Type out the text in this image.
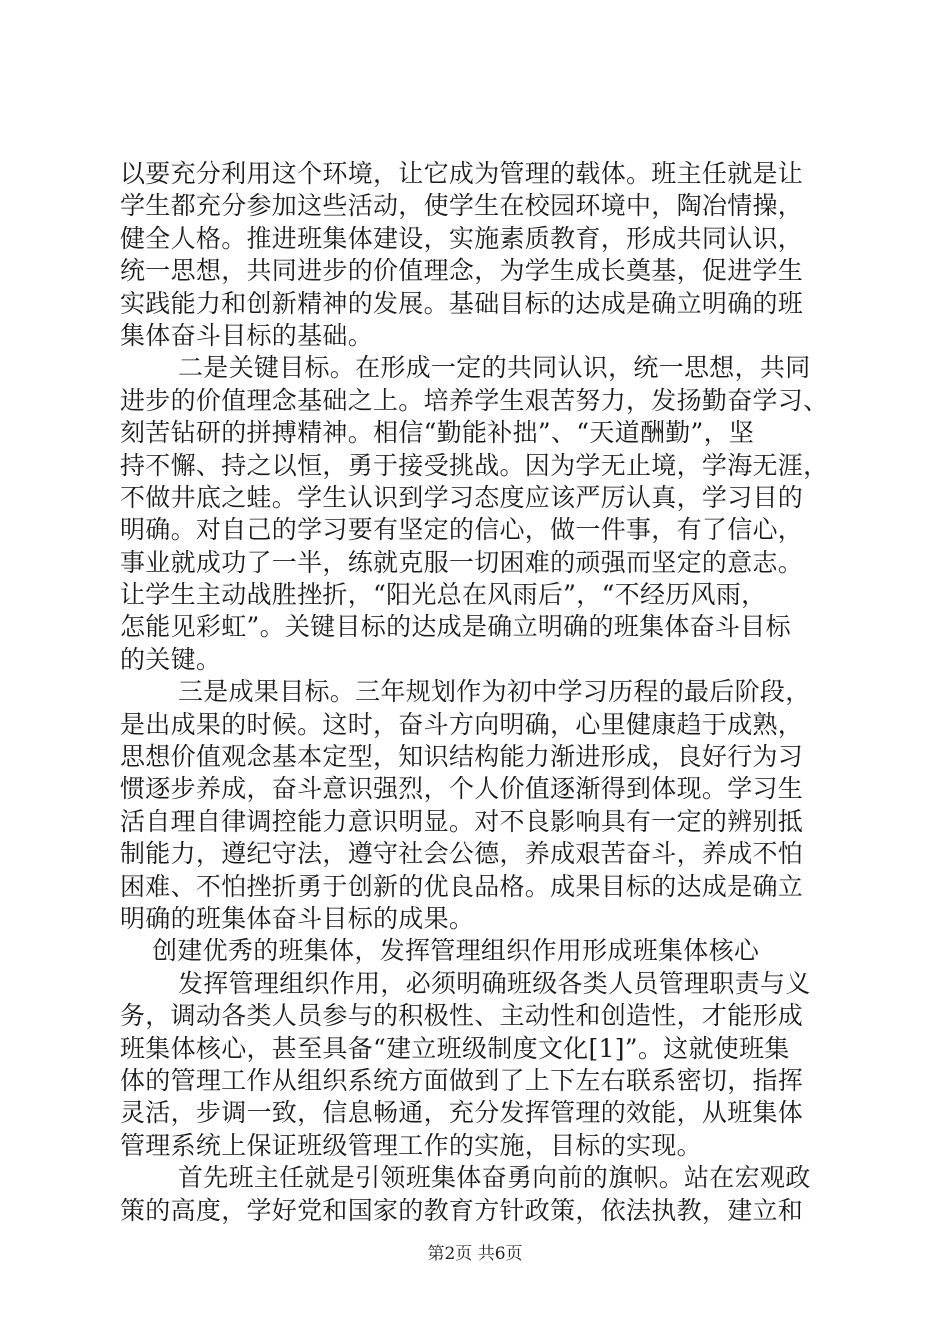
以要充分利用这个环境，让它成为管理的载体。班主任就是让
学生都充分参加这些活动，使学生在校园环境中，陶冶情操，
健全人格。推进班集体建设，实施素质教育，形成共同认识，
统一思想，共同进步的价值理念，为学生成长奠基，促进学生
实践能力和创新精神的发展。基础目标的达成是确立明确的班
集体奋斗目标的基础。
二是关键目标。在形成一定的共同认识，统一思想，共同
进步的价值理念基础之上。培养学生艰苦努力，发扬勤奋学习、
刻苦钻研的拼搏精神。相信“勤能补拙”、“天道酬勤”，坚
持不懈、持之以恒，勇于接受挑战。因为学无止境，学海无涯，
不做井底之蛙。学生认识到学习态度应该严厉认真，学习目的
明确。对自己的学习要有坚定的信心，做一件事，有了信心，
事业就成功了一半，练就克服一切困难的顽强而坚定的意志。
让学生主动战胜挫折，“阳光总在风雨后”，“不经历风雨，
怎能见彩虹”。关键目标的达成是确立明确的班集体奋斗目标
的关键。
三是成果目标。三年规划作为初中学习历程的最后阶段，
是出成果的时候。这时，奋斗方向明确，心里健康趋于成熟，
思想价值观念基本定型，知识结构能力渐进形成，良好行为习
惯逐步养成，奋斗意识强烈，个人价值逐渐得到体现。学习生
活自理自律调控能力意识明显。对不良影响具有一定的辨别抵
制能力，遵纪守法，遵守社会公德，养成艰苦奋斗，养成不怕
困难、不怕挫折勇于创新的优良品格。成果目标的达成是确立
明确的班集体奋斗目标的成果。
创建优秀的班集体，发挥管理组织作用形成班集体核心
发挥管理组织作用，必须明确班级各类人员管理职责与义
务，调动各类人员参与的积极性、主动性和创造性，才能形成
班集体核心，甚至具备“建立班级制度文化[1]”。这就使班集
体的管理工作从组织系统方面做到了上下左右联系密切，指挥
灵活，步调一致，信息畅通，充分发挥管理的效能，从班集体
管理系统上保证班级管理工作的实施，目标的实现。
首先班主任就是引领班集体奋勇向前的旗帜。站在宏观政
策的高度，学好党和国家的教育方针政策，依法执教，建立和
第2页 共6页
